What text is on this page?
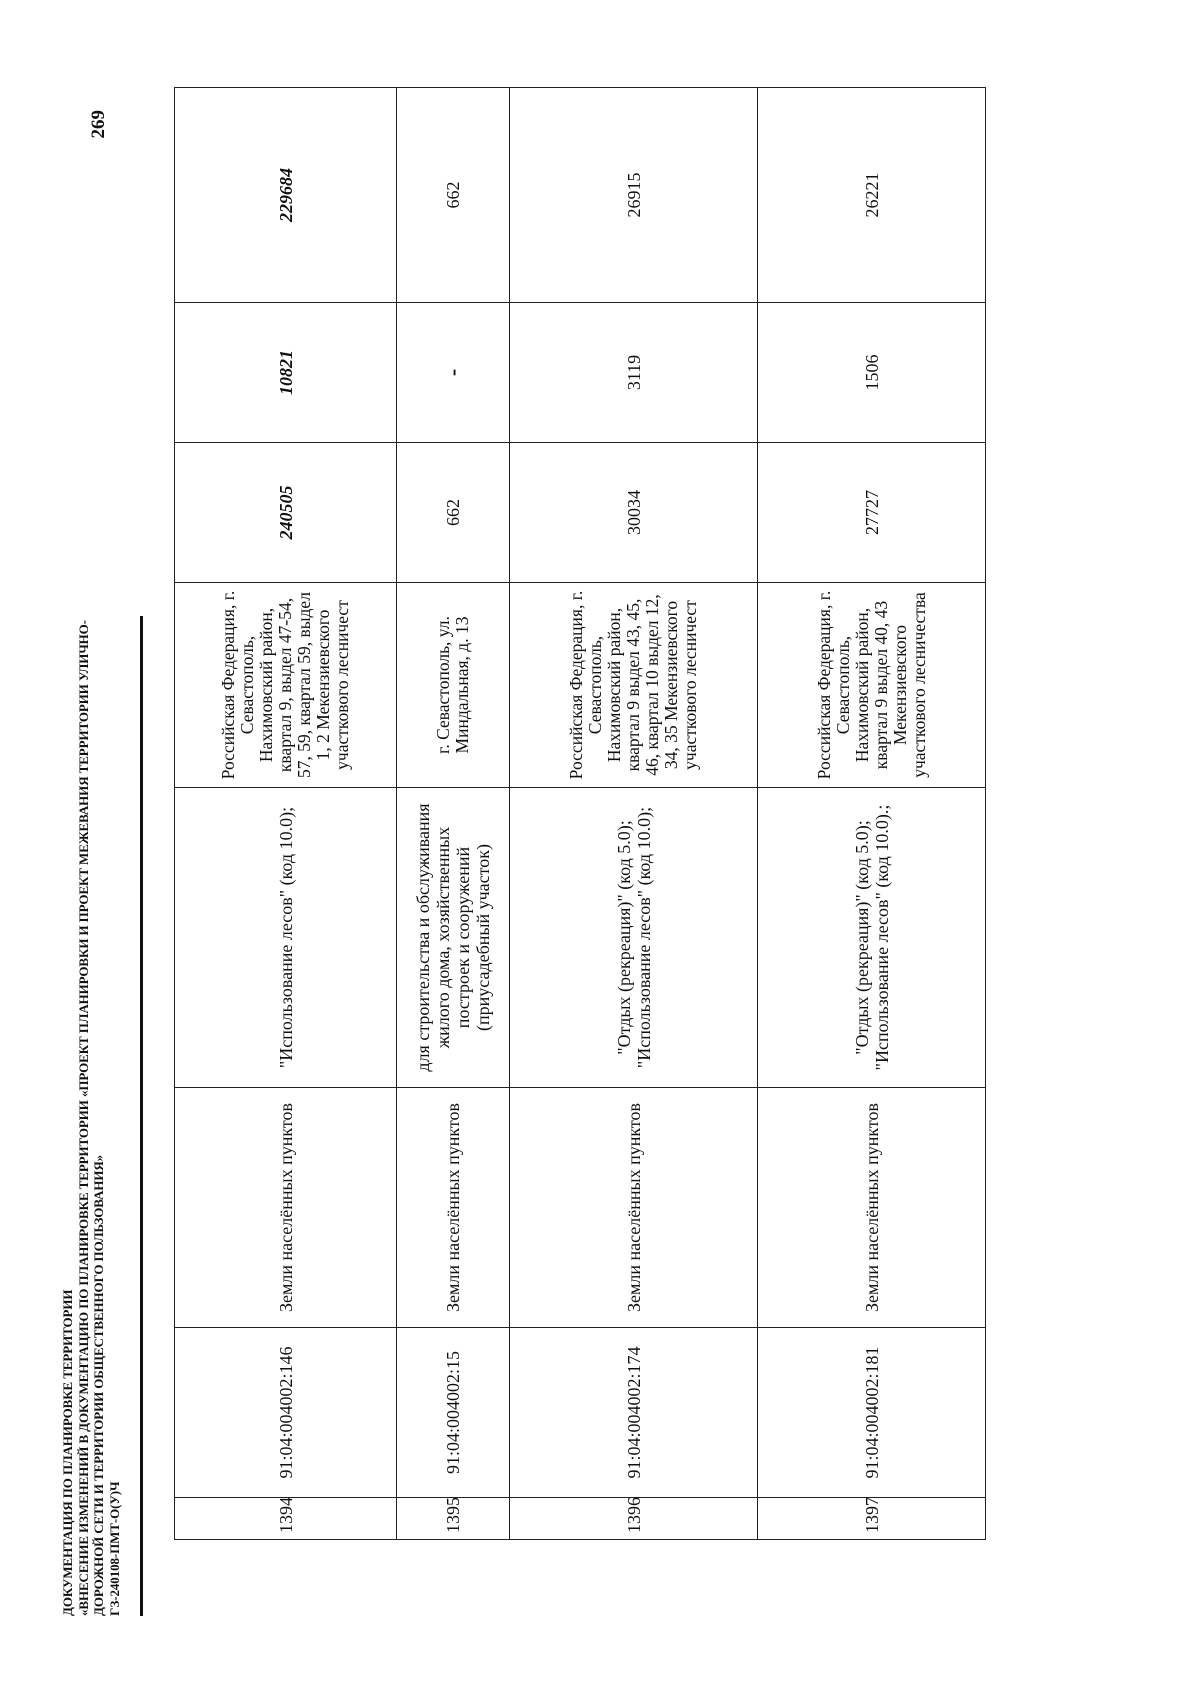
269
ДОКУМЕНТАЦИЯ ПО ПЛАНИРОВКЕ ТЕРРИТОРИИ «ВНЕСЕНИЕ ИЗМЕНЕНИЙ В ДОКУМЕНТАЦИЮ ПО ПЛАНИРОВКЕ ТЕРРИТОРИИ «ПРОЕКТ ПЛАНИРОВКИ И ПРОЕКТ МЕЖЕВАНИЯ ТЕРРИТОРИИ УЛИЧНО- ДОРОЖНОЙ СЕТИ И ТЕРРИТОРИИ ОБЩЕСТВЕННОГО ПОЛЬЗОВАНИЯ» ГЗ-240108-ПМТ-О(У)Ч	1394	91:04:004002:146	Земли населённых пунктов	"Использование лесов" (код 10.0);	Российская Федерация, г. Севастополь, Нахимовский район, квартал 9, выдел 47-54, 57, 59, квартал 59, выдел 1, 2 Мекензиевского участкового лесничест	240505	10821	229684
1395	91:04:004002:15	Земли населённых пунктов	для строительства и обслуживания жилого дома, хозяйственных построек и сооружений (приусадебный участок)	г. Севастополь, ул. Миндальная, д. 13	662	-	662
1396	91:04:004002:174	Земли населённых пунктов	"Отдых (рекреация)" (код 5.0); "Использование лесов" (код 10.0);	Российская Федерация, г. Севастополь, Нахимовский район, квартал 9 выдел 43, 45, 46, квартал 10 выдел 12, 34, 35 Мекензиевского участкового лесничест	30034	3119	26915
1397	91:04:004002:181	Земли населённых пунктов	"Отдых (рекреация)" (код 5.0); "Использование лесов" (код 10.0).;	Российская Федерация, г. Севастополь, Нахимовский район, квартал 9 выдел 40, 43 Мекензиевского участкового лесничества	27727	1506	26221
